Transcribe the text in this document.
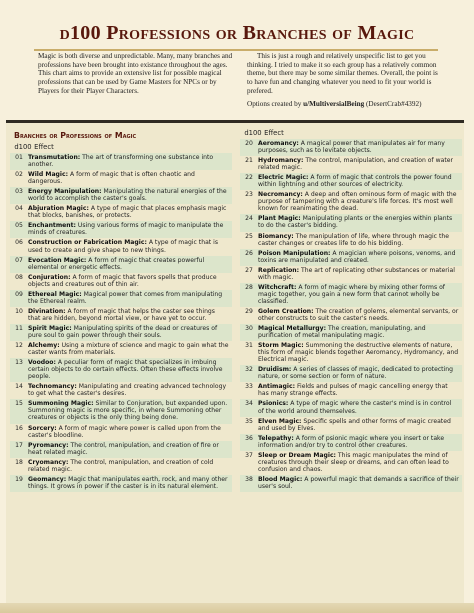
d100 Professions or Branches of Magic

Magic is both diverse and unpredictable. Many, many branches and professions have been brought into existance throughout the ages. This chart aims to provide an extensive list for possible magical professions that can be used by Game Masters for NPCs or by Players for their Player Characters.

This is just a rough and relatively unspecific list to get you thinking. I tried to make it so each group has a relatively common theme, but there may be some similar themes. Overall, the point is to have fun and changing whatever you need to fit your world is prefered.

Options created by u/MultiversialBeing (DesertCrab#4392)

Branches or Professions of Magic
d100 Effect
01 Transmutation: The art of transforming one substance into another.
02 Wild Magic: A form of magic that is often chaotic and dangerous.
03 Energy Manipulation: Manipulating the natural energies of the world to accomplish the caster's goals.
04 Abjuration Magic: A type of magic that places emphasis magic that blocks, banishes, or protects.
05 Enchantment: Using various forms of magic to manipulate the minds of creatures.
06 Construction or Fabrication Magic: A type of magic that is used to create and give shape to new things.
07 Evocation Magic: A form of magic that creates powerful elemental or energetic effects.
08 Conjuration: A form of magic that favors spells that produce objects and creatures out of thin air.
09 Ethereal Magic: Magical power that comes from manipulating the Ethereal realm.
10 Divination: A form of magic that helps the caster see things that are hidden, beyond mortal view, or have yet to occur.
11 Spirit Magic: Manipulating spirits of the dead or creatures of pure soul to gain power through their souls.
12 Alchemy: Using a mixture of science and magic to gain what the caster wants from materials.
13 Voodoo: A peculiar form of magic that specializes in imbuing certain objects to do certain effects. Often these effects involve people.
14 Technomancy: Manipulating and creating advanced technology to get what the caster's desires.
15 Summoning Magic: Similar to Conjuration, but expanded upon. Summoning magic is more specific, in where Summoning other creatures or objects is the only thing being done.
16 Sorcery: A form of magic where power is called upon from the caster's bloodline.
17 Pyromancy: The control, manipulation, and creation of fire or heat related magic.
18 Cryomancy: The control, manipulation, and creation of cold related magic.
19 Geomancy: Magic that manipulates earth, rock, and many other things. It grows in power if the caster is in its natural element.
d100 Effect
20 Aeromancy: A magical power that manipulates air for many purposes, such as to levitate objects.
21 Hydromancy: The control, manipulation, and creation of water related magic.
22 Electric Magic: A form of magic that controls the power found within lightning and other sources of electricity.
23 Necromancy: A deep and often ominous form of magic with the purpose of tampering with a creature's life forces. It's most well known for reanimating the dead.
24 Plant Magic: Manipulating plants or the energies within plants to do the caster's bidding.
25 Biomancy: The manipulation of life, where through magic the caster changes or creates life to do his bidding.
26 Poison Manipulation: A magician where poisons, venoms, and toxins are manipulated and created.
27 Replication: The art of replicating other substances or material with magic.
28 Witchcraft: A form of magic where by mixing other forms of magic together, you gain a new form that cannot wholly be classified.
29 Golem Creation: The creation of golems, elemental servants, or other constructs to suit the caster's needs.
30 Magical Metallurgy: The creation, manipulating, and purification of metal manipulating magic.
31 Storm Magic: Summoning the destructive elements of nature, this form of magic blends together Aeromancy, Hydromancy, and Electrical magic.
32 Druidism: A series of classes of magic, dedicated to protecting nature, or some section or form of nature.
33 Antimagic: Fields and pulses of magic cancelling energy that has many strange effects.
34 Psionics: A type of magic where the caster's mind is in control of the world around themselves.
35 Elven Magic: Specific spells and other forms of magic created and used by Elves.
36 Telepathy: A form of psionic magic where you insert or take information and/or try to control other creatures.
37 Sleep or Dream Magic: This magic manipulates the mind of creatures through their sleep or dreams, and can often lead to confusion and chaos.
38 Blood Magic: A powerful magic that demands a sacrifice of their user's soul.
